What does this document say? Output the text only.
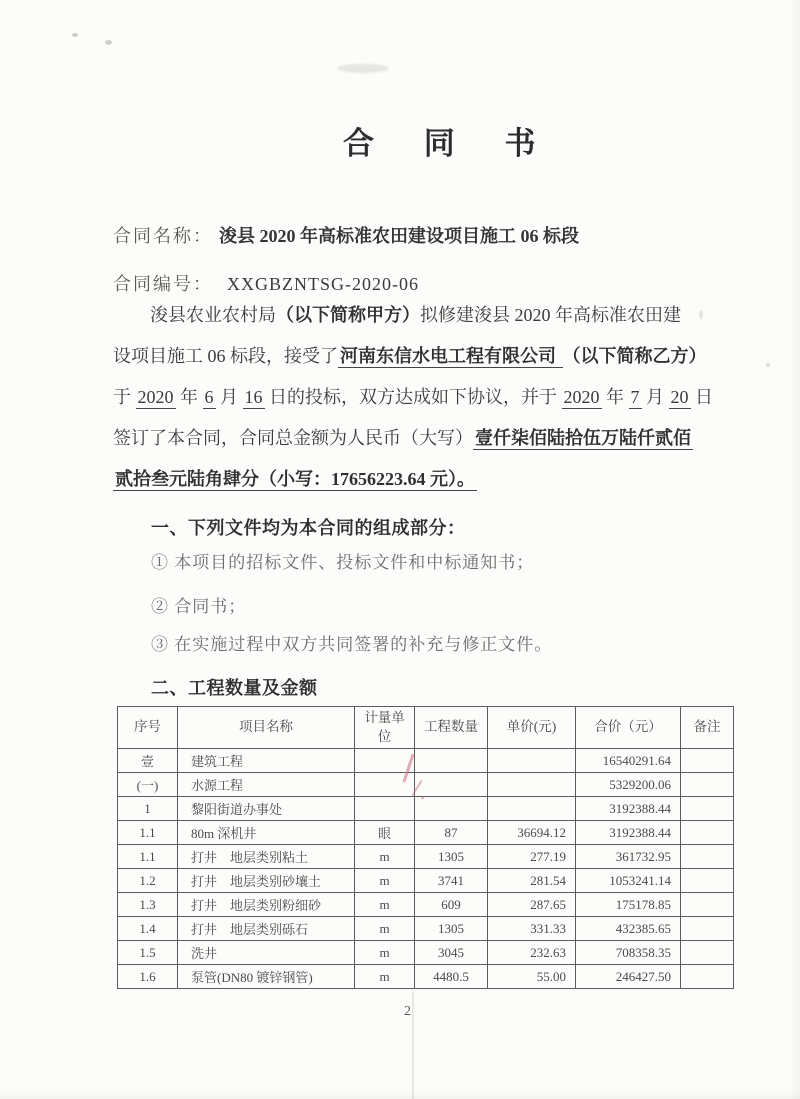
合 同 书
合同名称： 浚县 2020 年高标准农田建设项目施工 06 标段
合同编号： XXGBZNTSG-2020-06
浚县农业农村局（以下简称甲方）拟修建浚县 2020 年高标准农田建
设项目施工 06 标段，接受了 河南东信水电工程有限公司 （以下简称乙方）
于 2020 年 6 月 16 日的投标，双方达成如下协议，并于 2020 年 7 月 20 日
签订了本合同，合同总金额为人民币（大写） 壹仟柒佰陆拾伍万陆仟贰佰
贰拾叁元陆角肆分（小写：17656223.64 元）。
一、下列文件均为本合同的组成部分：
① 本项目的招标文件、投标文件和中标通知书；
② 合同书；
③ 在实施过程中双方共同签署的补充与修正文件。
二、工程数量及金额
序号	项目名称	计量单位	工程数量	单价(元)	合价（元）	备注
壹	建筑工程				16540291.64	
(一)	水源工程				5329200.06	
1	黎阳街道办事处				3192388.44	
1.1	80m 深机井	眼	87	36694.12	3192388.44	
1.1	打井　地层类别粘土	m	1305	277.19	361732.95	
1.2	打井　地层类别砂壤土	m	3741	281.54	1053241.14	
1.3	打井　地层类别粉细砂	m	609	287.65	175178.85	
1.4	打井　地层类别砾石	m	1305	331.33	432385.65	
1.5	洗井	m	3045	232.63	708358.35	
1.6	泵管(DN80 镀锌钢管)	m	4480.5	55.00	246427.50	
2
